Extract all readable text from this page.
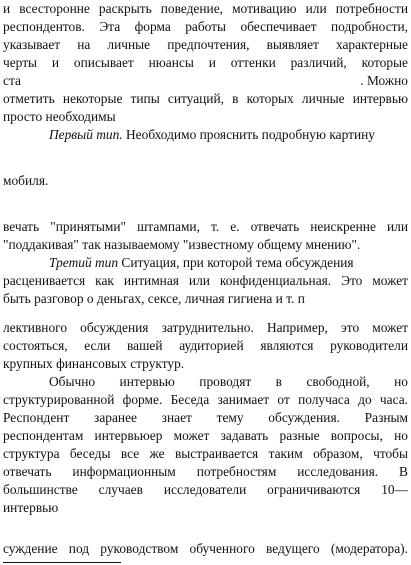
и всесторонне раскрыть поведение, мотивацию или потребности
респондентов. Эта форма работы обеспечивает подробности,
указывает на личные предпочтения, выявляет характерные
черты и описывает нюансы и оттенки различий, которые
ста	. Можно
отметить некоторые типы ситуаций, в которых личные интервью
просто необходимы
Первый тип. Необходимо прояснить подробную картину
мобиля.
вечать "принятыми" штампами, т. е. отвечать неискренне или
"поддакивая" так называемому "известному общему мнению".
Третий тип Ситуация, при которой тема обсуждения
расценивается как интимная или конфиденциальная. Это может
быть разговор о деньгах, сексе, личная гигиена и т. п
лективного обсуждения затруднительно. Например, это может
состояться, если вашей аудиторией являются руководители
крупных финансовых структур.
Обычно интервью проводят в свободной, но
структурированной форме. Беседа занимает от получаса до часа.
Респондент заранее знает тему обсуждения. Разным
респондентам интервьюер может задавать разные вопросы, но
структура беседы все же выстраивается таким образом, чтобы
отвечать информационным потребностям исследования. В
большинстве случаев исследователи ограничиваются 10—
интервью
суждение под руководством обученного ведущего (модератора).
